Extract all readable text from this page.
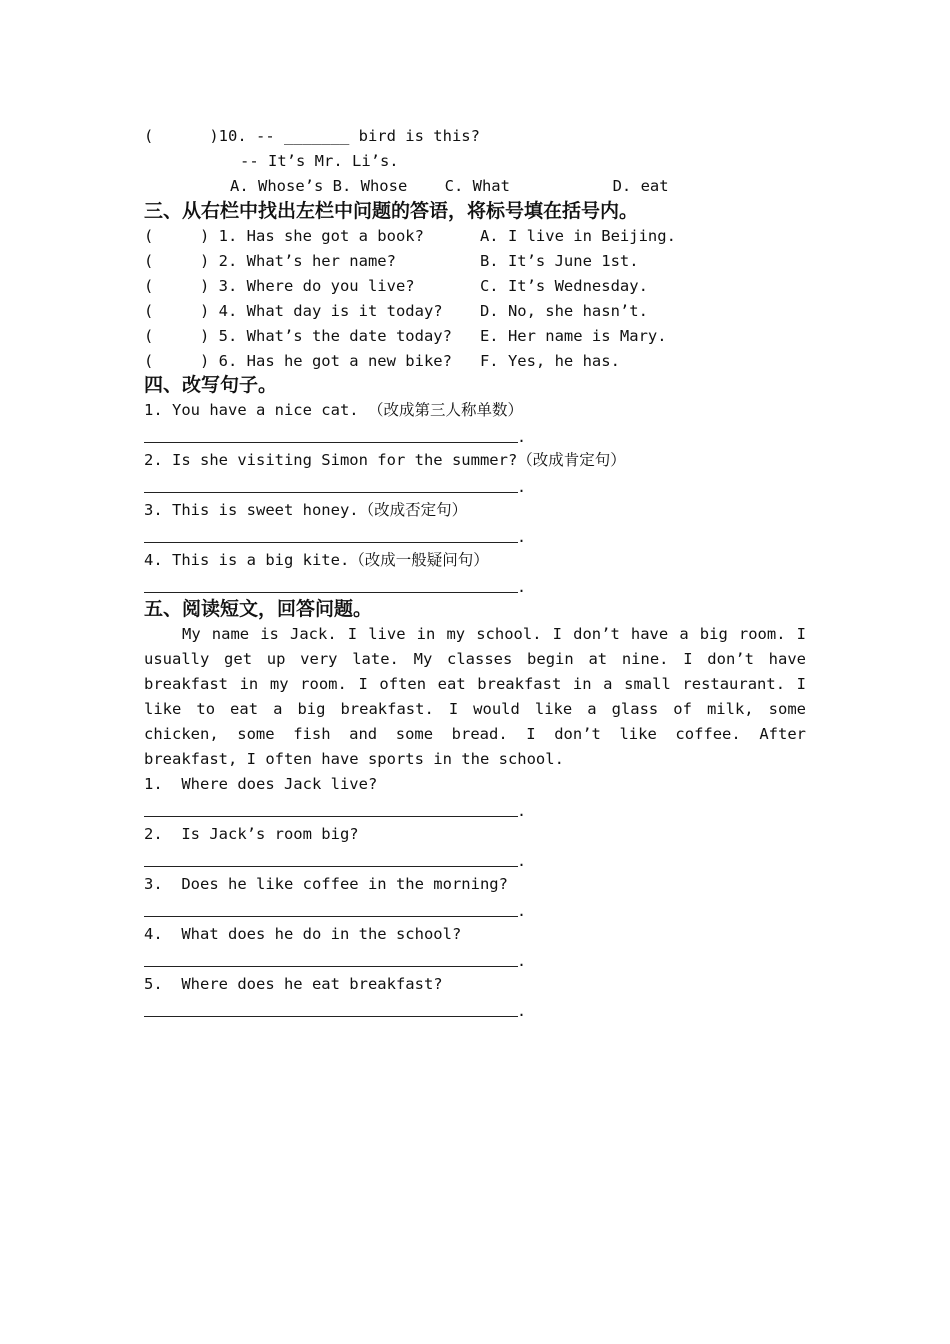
(      )10. -- _______ bird is this?
-- It’s Mr. Li’s.
A. Whose’s B. Whose    C. What           D. eat
三、从右栏中找出左栏中问题的答语，将标号填在括号内。
(     ) 1. Has she got a book?      A. I live in Beijing.
(     ) 2. What’s her name?         B. It’s June 1st.
(     ) 3. Where do you live?       C. It’s Wednesday.
(     ) 4. What day is it today?    D. No, she hasn’t.
(     ) 5. What’s the date today?   E. Her name is Mary.
(     ) 6. Has he got a new bike?   F. Yes, he has.
四、改写句子。
1. You have a nice cat. （改成第三人称单数）
.
2. Is she visiting Simon for the summer?（改成肯定句）
.
3. This is sweet honey.（改成否定句）
.
4. This is a big kite.（改成一般疑问句）
.
五、阅读短文，回答问题。
My name is Jack. I live in my school. I don’t have a big room. I usually get up very late. My classes begin at nine. I don’t have breakfast in my room. I often eat breakfast in a small restaurant. I like to eat a big breakfast. I would like a glass of milk, some chicken, some fish and some bread. I don’t like coffee. After breakfast, I often have sports in the school.
1.  Where does Jack live?
.
2.  Is Jack’s room big?
.
3.  Does he like coffee in the morning?
.
4.  What does he do in the school?
.
5.  Where does he eat breakfast?
.
